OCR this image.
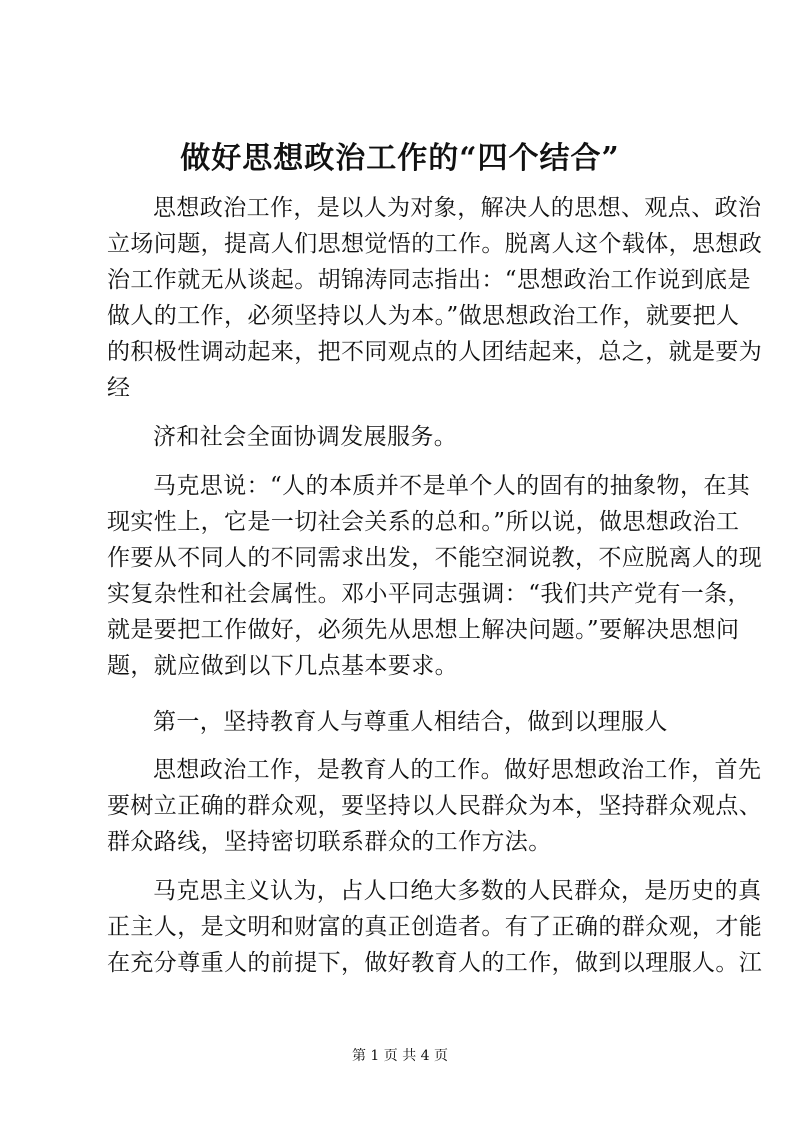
做好思想政治工作的“四个结合”
思想政治工作，是以人为对象，解决人的思想、观点、政治
立场问题，提高人们思想觉悟的工作。脱离人这个载体，思想政
治工作就无从谈起。胡锦涛同志指出：“思想政治工作说到底是
做人的工作，必须坚持以人为本。”做思想政治工作，就要把人
的积极性调动起来，把不同观点的人团结起来，总之，就是要为
经
济和社会全面协调发展服务。
马克思说：“人的本质并不是单个人的固有的抽象物，在其
现实性上，它是一切社会关系的总和。”所以说，做思想政治工
作要从不同人的不同需求出发，不能空洞说教，不应脱离人的现
实复杂性和社会属性。邓小平同志强调：“我们共产党有一条，
就是要把工作做好，必须先从思想上解决问题。”要解决思想问
题，就应做到以下几点基本要求。
第一，坚持教育人与尊重人相结合，做到以理服人
思想政治工作，是教育人的工作。做好思想政治工作，首先
要树立正确的群众观，要坚持以人民群众为本，坚持群众观点、
群众路线，坚持密切联系群众的工作方法。
马克思主义认为，占人口绝大多数的人民群众，是历史的真
正主人，是文明和财富的真正创造者。有了正确的群众观，才能
在充分尊重人的前提下，做好教育人的工作，做到以理服人。江
第 1 页 共 4 页
